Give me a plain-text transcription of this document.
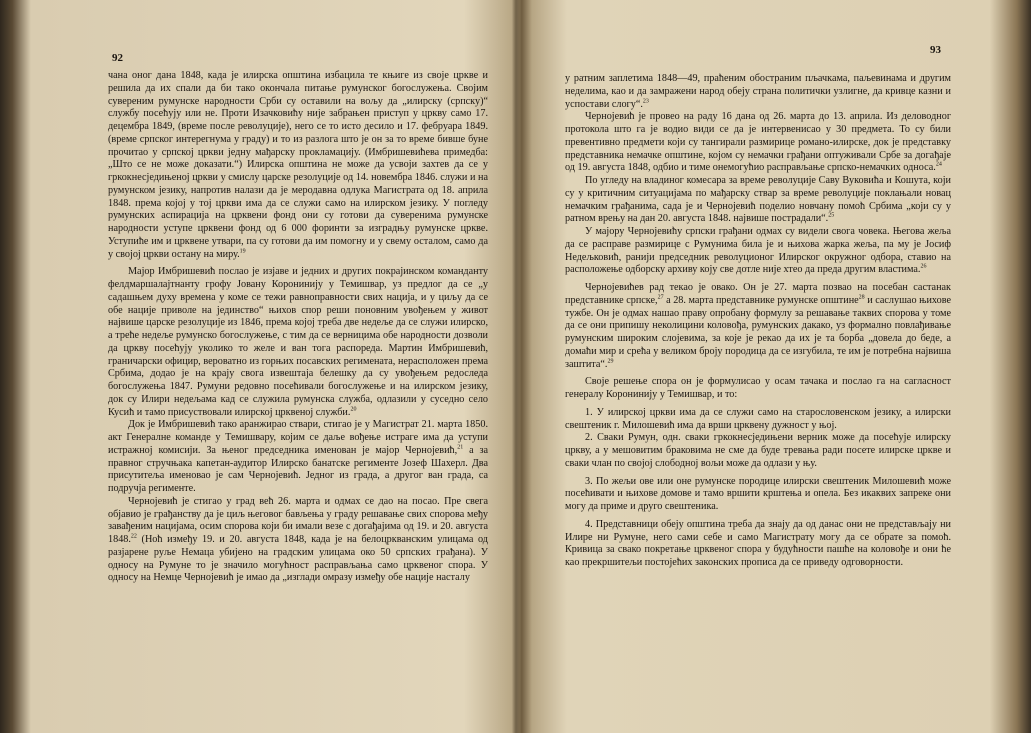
92

чана оног дана 1848, када је илирска општина избацила те књиге из своје цркве и решила да их спали да би тако окончала питање румунског богослужења. Својим сувереним румунске народности Срби су оставили на вољу да „илирску (српску)“ службу посећују или не. Проти Изачковићу није забрањен приступ у цркву само 17. децембра 1849, (време после револуције), него се то исто десило и 17. фебруара 1849. (време српског интерегнума у граду) и то из разлога што је он за то време бивше буне прочитао у српској цркви једну мађарску прокламацију. (Имбришевићева примедба: „Што се не може доказати.“) Илирска општина не може да усвоји захтев да се у гркокнесједињеној цркви у смислу царске резолуције од 14. новембра 1846. служи и на румунском језику, напротив налази да је меродавна одлука Магистрата од 18. априла 1848. према којој у тој цркви има да се служи само на илирском језику. У погледу румунских аспирација на црквени фонд они су готови да суверенима румунске народности уступе црквени фонд од 6 000 форинти за изградњу румунске цркве. Уступиће им и црквене утвари, па су готови да им помогну и у свему осталом, само да у својој цркви остану на миру.$^{19}$

Мајор Имбришевић послао је изјаве и једних и других покрајинском команданту фелдмаршалајтнанту грофу Јовану Коронинију у Темишвар, уз предлог да се „у садашњем духу времена у коме се тежи равноправности свих нација, и у циљу да се обе нације приволе на јединство“ њихов спор реши поновним увођењем у живот највише царске резолуције из 1846, према којој треба две недеље да се служи илирско, а треће недеље румунско богослужење, с тим да се верницима обе народности дозволи да цркву посећују уколико то желе и ван тога распореда. Мартин Имбришевић, граничарски официр, вероватно из горњих посавских регимената, нерасположен према Србима, додао је на крају свога извештаја белешку да су увођењем редоследа богослужења 1847. Румуни редовно посећивали богослужење и на илирском језику, док су Илири недељама кад се служила румунска служба, одлазили у суседно село Кусић и тамо присуствовали илирској црквеној служби.$^{20}$

Док је Имбришевић тако аранжирао ствари, стигао је у Магистрат 21. марта 1850. акт Генералне команде у Темишвару, којим се даље вођење истраге има да уступи истражној комисији. За њеног председника именован је мајор Чернојевић,$^{21}$ а за правног стручњака капетан-аудитор Илирско банатске регименте Јозеф Шахерл. Два присутитеља именовао је сам Чернојевић. Једног из града, а другог ван града, са подручја регименте.

Чернојевић је стигао у град већ 26. марта и одмах се дао на посао. Пре свега објавио је грађанству да је циљ његовог бављења у граду решавање свих спорова међу завађеним нацијама, осим спорова који би имали везе с догађајима од 19. и 20. августа 1848.22 (Ноћ између 19. и 20. августа 1848, када је на белоцркванским улицама од разјарене руље Немаца убијено на градским улицама око 50 српских грађана). У односу на Румуне то је значило могућност расправљања само црквеног спора. У односу на Немце Чернојевић је имао да „изглади омразу између обе нације насталу

93

у ратним заплетима 1848—49, праћеним обостраним пљачкама, паљевинама и другим неделима, као и да замражени народ обеју страна политички узлигне, да кривце казни и успостави слогу“.$^{23}$

Чернојевић је провео на раду 16 дана од 26. марта до 13. априла. Из деловодног протокола што га је водио види се да је интервенисао у 30 предмета. То су били превентивно предмети који су тангирали размирице романо-илирске, док је представку представника немачке општине, којом су немачки грађани оптуживали Србе за догађаје од 19. августа 1848, одбио и тиме онемогућио расправљање српско-немачких односа.$^{24}$

По угледу на владиног комесара за време револуције Саву Вуковића и Кошута, који су у критичним ситуацијама по мађарску ствар за време револуције поклањали новац немачким грађанима, сада је и Чернојевић поделио новчану помоћ Србима „који су у ратном врењу на дан 20. августа 1848. највише пострадали“.$^{25}$

У мајору Чернојевићу српски грађани одмах су видели свога човека. Његова жеља да се расправе размирице с Румунима била је и њихова жарка жеља, па му је Јосиф Недељковић, ранији председник револуционог Илирског окружног одбора, ставио на расположење одборску архиву коју све дотле није хтео да преда другим властима.$^{26}$

Чернојевићев рад текао је овако. Он је 27. марта позвао на посебан састанак представнике српске,$^{27}$ а 28. марта представнике румунске општине$^{28}$ и саслушао њихове тужбе. Он је одмах нашао праву опробану формулу за решавање таквих спорова у томе да се они припишу неколицини коловођа, румунских дакако, уз формално повлађивање румунским широким слојевима, за које је рекао да их је та борба „довела до беде, а домаћи мир и срећа у великом броју породица да се изгубила, те им је потребна највиша заштита“.$^{29}$

Своје решење спора он је формулисао у осам тачака и послао га на сагласност генералу Коронинију у Темишвар, и то:

1. У илирској цркви има да се служи само на старословенском језику, а илирски свештеник г. Милошевић има да врши црквену дужност у њој.

2. Сваки Румун, одн. сваки гркокнесједињени верник може да посећује илирску цркву, а у мешовитим браковима не сме да буде тревања ради посете илирске цркве и сваки члан по својој слободној вољи може да одлази у њу.

3. По жељи ове или оне румунске породице илирски свештеник Милошевић може посећивати и њихове домове и тамо вршити крштења и опела. Без икаквих запреке они могу да приме и друго свештеника.

4. Представници обеју општина треба да знају да од данас они не представљају ни Илире ни Румуне, него сами себе и само Магистрату могу да се обрате за помоћ. Кривица за свако покретање црквеног спора у будућности пашће на коловође и они ће као прекршитељи постојећих законских прописа да се приведу одговорности.
